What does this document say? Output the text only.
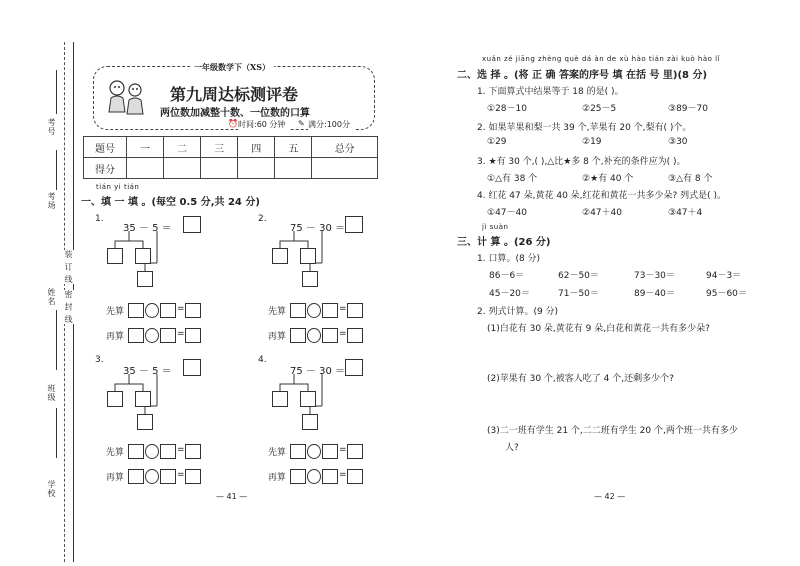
考号
考场
装 订 线
姓名 密 封 线
班级
学校
一年级数学下（XS）
第九周达标测评卷
两位数加减整十数、一位数的口算
⏰ 时间:60 分钟	✎ 满分:100分
题号	一	二	三	四	五	总分
得分						
tián yi tián
一、填 一 填 。(每空 0.5 分,共 24 分)
1.
35 － 5 ＝
先算	=
再算	=
2.
75 － 30 ＝
先算	=
再算	=
3.
35 － 5 ＝
先算	=
再算	=
4.
75 － 30 ＝
先算	=
再算	=
— 41 —
xuǎn zé jiāng zhèng què dá àn de xù hào tián zài kuò hào lǐ
二、选 择 。(将 正 确 答案的序号 填 在括 号 里)(8 分)
1. 下面算式中结果等于 18 的是( )。
①28－10	②25－5	③89－70
2. 如果苹果和梨一共 39 个,苹果有 20 个,梨有( )个。
①29	②19	③30
3. ★有 30 个,( ),△比★多 8 个,补充的条件应为( )。
①△有 38 个	②★有 40 个	③△有 8 个
4. 红花 47 朵,黄花 40 朵,红花和黄花一共多少朵? 列式是( )。
①47－40	②47＋40	③47＋4
jì suàn
三、计 算 。(26 分)
1. 口算。(8 分)
86－6＝	62－50＝	73－30＝	94－3＝
45－20＝	71－50＝	89－40＝	95－60＝
2. 列式计算。(9 分)
(1)白花有 30 朵,黄花有 9 朵,白花和黄花一共有多少朵?
(2)苹果有 30 个,被客人吃了 4 个,还剩多少个?
(3)二一班有学生 21 个,二二班有学生 20 个,两个班一共有多少
人?
— 42 —
